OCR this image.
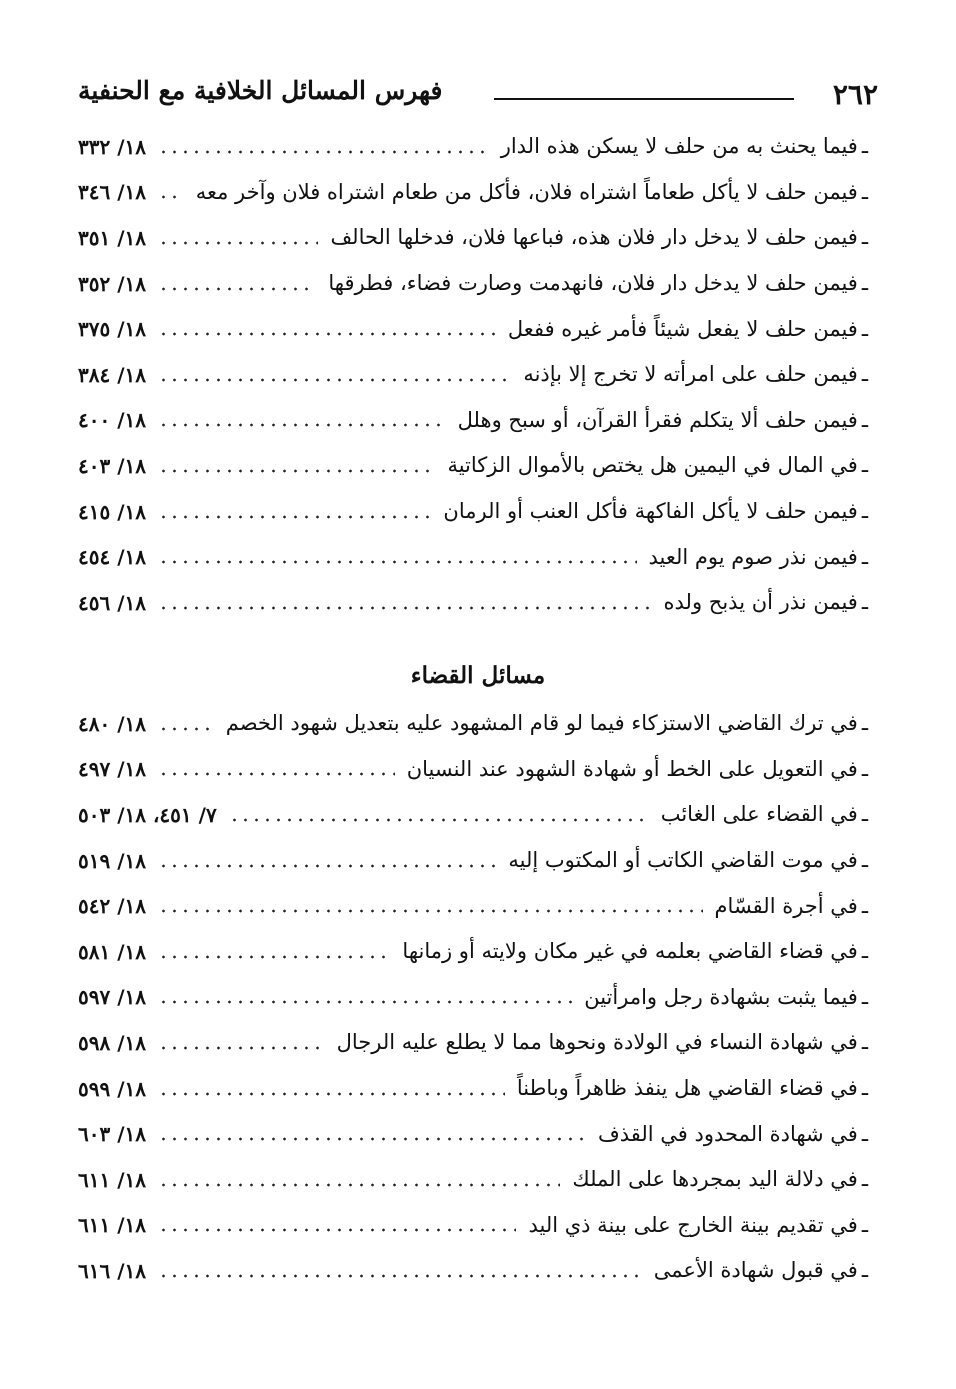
٢٦٢
فهرس المسائل الخلافية مع الحنفية
ـ
فيما يحنث به من حلف لا يسكن هذه الدار
١٨/ ٣٣٢
ـ
فيمن حلف لا يأكل طعاماً اشتراه فلان، فأكل من طعام اشتراه فلان وآخر معه
١٨/ ٣٤٦
ـ
فيمن حلف لا يدخل دار فلان هذه، فباعها فلان، فدخلها الحالف
١٨/ ٣٥١
ـ
فيمن حلف لا يدخل دار فلان، فانهدمت وصارت فضاء، فطرقها
١٨/ ٣٥٢
ـ
فيمن حلف لا يفعل شيئاً فأمر غيره ففعل
١٨/ ٣٧٥
ـ
فيمن حلف على امرأته لا تخرج إلا بإذنه
١٨/ ٣٨٤
ـ
فيمن حلف ألا يتكلم فقرأ القرآن، أو سبح وهلل
١٨/ ٤٠٠
ـ
في المال في اليمين هل يختص بالأموال الزكاتية
١٨/ ٤٠٣
ـ
فيمن حلف لا يأكل الفاكهة فأكل العنب أو الرمان
١٨/ ٤١٥
ـ
فيمن نذر صوم يوم العيد
١٨/ ٤٥٤
ـ
فيمن نذر أن يذبح ولده
١٨/ ٤٥٦
مسائل القضاء
ـ
في ترك القاضي الاستزكاء فيما لو قام المشهود عليه بتعديل شهود الخصم
١٨/ ٤٨٠
ـ
في التعويل على الخط أو شهادة الشهود عند النسيان
١٨/ ٤٩٧
ـ
في القضاء على الغائب
٧/ ٤٥١، ١٨/ ٥٠٣
ـ
في موت القاضي الكاتب أو المكتوب إليه
١٨/ ٥١٩
ـ
في أجرة القسّام
١٨/ ٥٤٢
ـ
في قضاء القاضي بعلمه في غير مكان ولايته أو زمانها
١٨/ ٥٨١
ـ
فيما يثبت بشهادة رجل وامرأتين
١٨/ ٥٩٧
ـ
في شهادة النساء في الولادة ونحوها مما لا يطلع عليه الرجال
١٨/ ٥٩٨
ـ
في قضاء القاضي هل ينفذ ظاهراً وباطناً
١٨/ ٥٩٩
ـ
في شهادة المحدود في القذف
١٨/ ٦٠٣
ـ
في دلالة اليد بمجردها على الملك
١٨/ ٦١١
ـ
في تقديم بينة الخارج على بينة ذي اليد
١٨/ ٦١١
ـ
في قبول شهادة الأعمى
١٨/ ٦١٦
